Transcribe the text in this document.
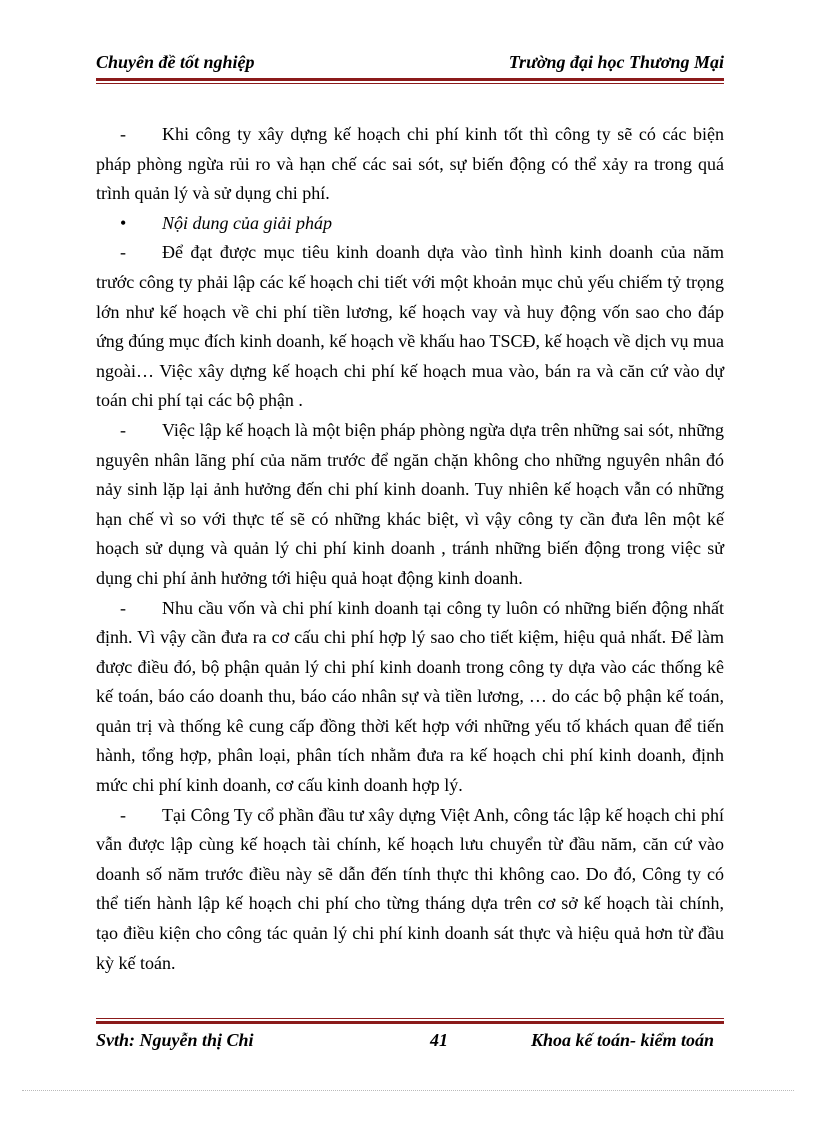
Chuyên đề tốt nghiệp	Trường đại học Thương Mại

- Khi công ty xây dựng kế hoạch chi phí kinh tốt thì công ty sẽ có các biện pháp phòng ngừa rủi ro và hạn chế các sai sót, sự biến động có thể xảy ra trong quá trình quản lý và sử dụng chi phí.

• Nội dung của giải pháp

- Để đạt được mục tiêu kinh doanh dựa vào tình hình kinh doanh của năm trước công ty phải lập các kế hoạch chi tiết với một khoản mục chủ yếu chiếm tỷ trọng lớn như kế hoạch về chi phí tiền lương, kế hoạch vay và huy động vốn sao cho đáp ứng đúng mục đích kinh doanh, kế hoạch về khấu hao TSCĐ, kế hoạch về dịch vụ mua ngoài… Việc xây dựng kế hoạch chi phí kế hoạch mua vào, bán ra và căn cứ vào dự toán chi phí tại các bộ phận .

- Việc lập kế hoạch là một biện pháp phòng ngừa dựa trên những sai sót, những nguyên nhân lãng phí của năm trước để ngăn chặn không cho những nguyên nhân đó nảy sinh lặp lại ảnh hưởng đến chi phí kinh doanh. Tuy nhiên kế hoạch vẫn có những hạn chế vì so với thực tế sẽ có những khác biệt, vì vậy công ty cần đưa lên một kế hoạch sử dụng và quản lý chi phí kinh doanh , tránh những biến động trong việc sử dụng chi phí ảnh hưởng tới hiệu quả hoạt động kinh doanh.

- Nhu cầu vốn và chi phí kinh doanh tại công ty luôn có những biến động nhất định. Vì vậy cần đưa ra cơ cấu chi phí hợp lý sao cho tiết kiệm, hiệu quả nhất. Để làm được điều đó, bộ phận quản lý chi phí kinh doanh trong công ty dựa vào các thống kê kế toán, báo cáo doanh thu, báo cáo nhân sự và tiền lương, … do các bộ phận kế toán, quản trị và thống kê cung cấp đồng thời kết hợp với những yếu tố khách quan để tiến hành, tổng hợp, phân loại, phân tích nhằm đưa ra kế hoạch chi phí kinh doanh, định mức chi phí kinh doanh, cơ cấu kinh doanh hợp lý.

- Tại Công Ty cổ phần đầu tư xây dựng Việt Anh, công tác lập kế hoạch chi phí vẫn được lập cùng kế hoạch tài chính, kế hoạch lưu chuyển từ đầu năm, căn cứ vào doanh số năm trước điều này sẽ dẫn đến tính thực thi không cao. Do đó, Công ty có thể tiến hành lập kế hoạch chi phí cho từng tháng dựa trên cơ sở kế hoạch tài chính, tạo điều kiện cho công tác quản lý chi phí kinh doanh sát thực và hiệu quả hơn từ đầu kỳ kế toán.

Svth: Nguyễn thị Chi	41	Khoa kế toán- kiểm toán
